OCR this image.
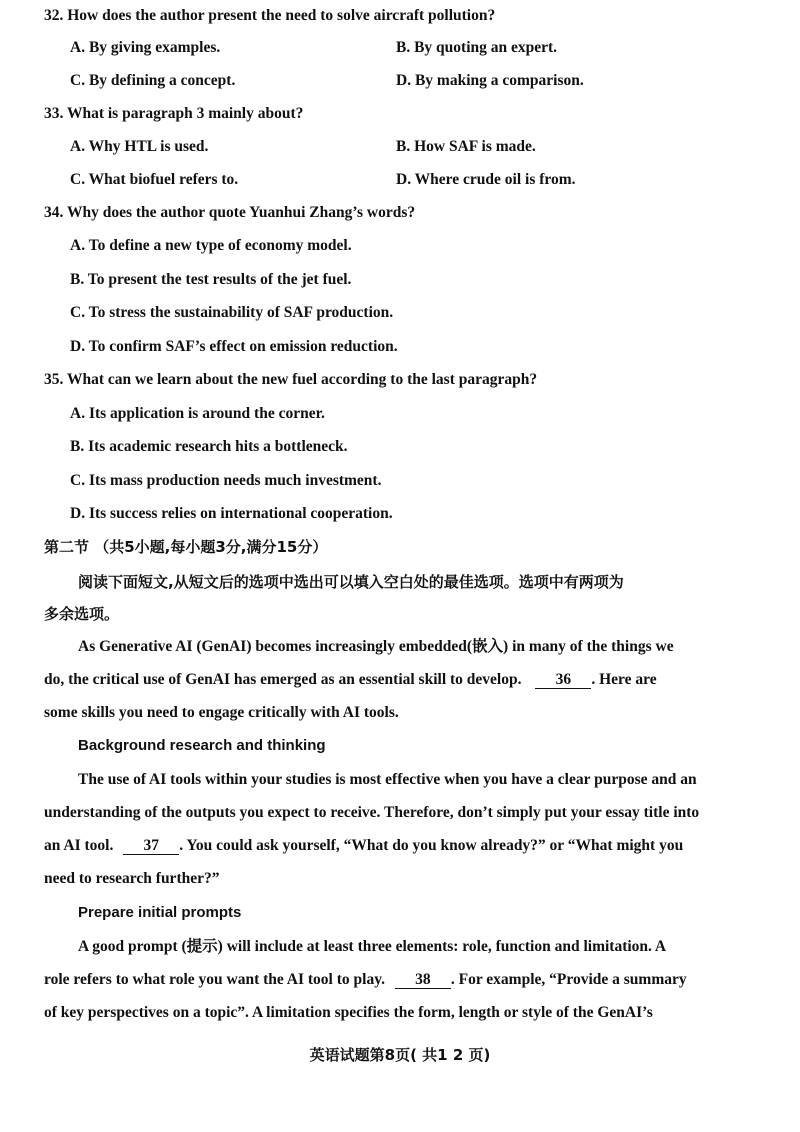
32. How does the author present the need to solve aircraft pollution?
A. By giving examples.	B. By quoting an expert.
C. By defining a concept.	D. By making a comparison.
33. What is paragraph 3 mainly about?
A. Why HTL is used.	B. How SAF is made.
C. What biofuel refers to.	D. Where crude oil is from.
34. Why does the author quote Yuanhui Zhang’s words?
A. To define a new type of economy model.
B. To present the test results of the jet fuel.
C. To stress the sustainability of SAF production.
D. To confirm SAF’s effect on emission reduction.
35. What can we learn about the new fuel according to the last paragraph?
A. Its application is around the corner.
B. Its academic research hits a bottleneck.
C. Its mass production needs much investment.
D. Its success relies on international cooperation.
第二节 （共5小题,每小题3分,满分15分）
阅读下面短文,从短文后的选项中选出可以填入空白处的最佳选项。选项中有两项为
多余选项。
As Generative AI (GenAI) becomes increasingly embedded(嵌入) in many of the things we
do, the critical use of GenAI has emerged as an essential skill to develop. 36 . Here are
some skills you need to engage critically with AI tools.
Background research and thinking
The use of AI tools within your studies is most effective when you have a clear purpose and an
understanding of the outputs you expect to receive. Therefore, don’t simply put your essay title into
an AI tool. 37 . You could ask yourself, “What do you know already?” or “What might you
need to research further?”
Prepare initial prompts
A good prompt (提示) will include at least three elements: role, function and limitation. A
role refers to what role you want the AI tool to play. 38 . For example, “Provide a summary
of key perspectives on a topic”. A limitation specifies the form, length or style of the GenAI’s
英语试题第8页( 共1 2 页)
